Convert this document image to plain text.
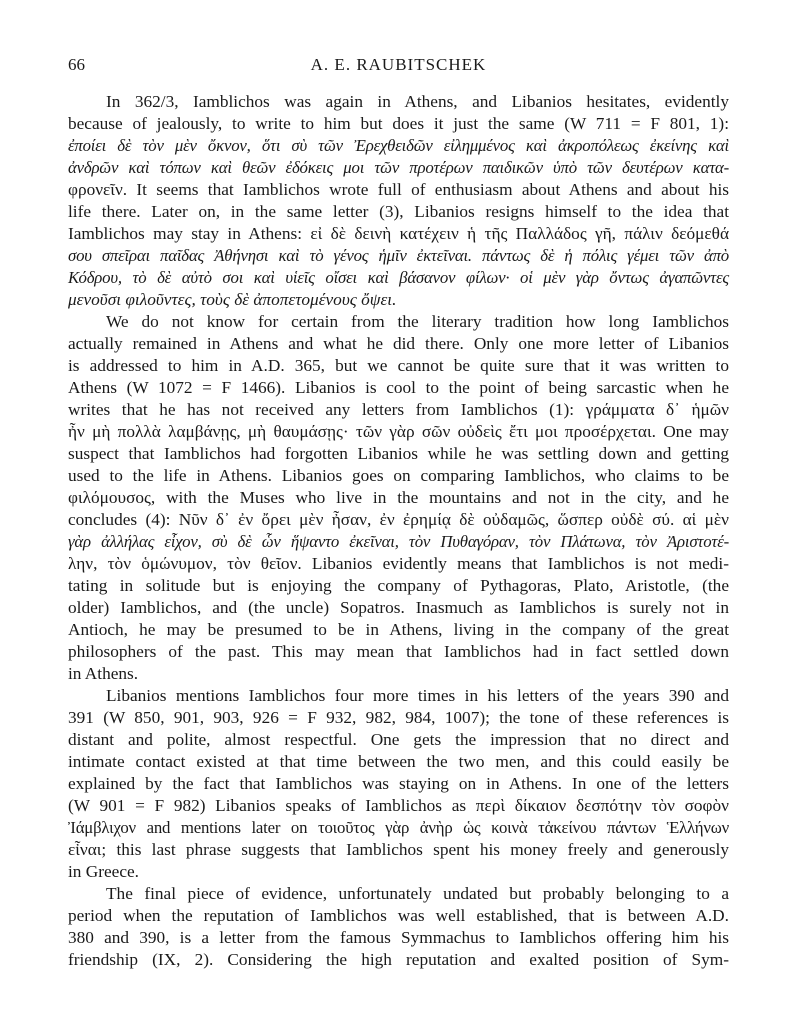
66	A. E. RAUBITSCHEK
In 362/3, Iamblichos was again in Athens, and Libanios hesitates, evidently
because of jealously, to write to him but does it just the same (W 711 = F 801, 1):
ἐποίει δὲ τὸν μὲν ὄκνον, ὅτι σὺ τῶν Ἐρεχθειδῶν εἰλημμένος καὶ ἀκροπόλεως ἐκείνης καὶ
ἀνδρῶν καὶ τόπων καὶ θεῶν ἐδόκεις μοι τῶν προτέρων παιδικῶν ὑπὸ τῶν δευτέρων κατα-
φρονεῖν. It seems that Iamblichos wrote full of enthusiasm about Athens and about his
life there. Later on, in the same letter (3), Libanios resigns himself to the idea that
Iamblichos may stay in Athens: εἰ δὲ δεινὴ κατέχειν ἡ τῆς Παλλάδος γῆ, πάλιν δεόμεθά
σου σπεῖραι παῖδας Ἀθήνησι καὶ τὸ γένος ἡμῖν ἐκτεῖναι. πάντως δὲ ἡ πόλις γέμει τῶν ἀπὸ
Κόδρου, τὸ δὲ αὐτὸ σοι καὶ υἱεῖς οἴσει καὶ βάσανον φίλων· οἱ μὲν γὰρ ὄντως ἀγαπῶντες
μενοῦσι φιλοῦντες, τοὺς δὲ ἀποπετομένους ὄψει.
We do not know for certain from the literary tradition how long Iamblichos
actually remained in Athens and what he did there. Only one more letter of Libanios
is addressed to him in A.D. 365, but we cannot be quite sure that it was written to
Athens (W 1072 = F 1466). Libanios is cool to the point of being sarcastic when he
writes that he has not received any letters from Iamblichos (1): γράμματα δ᾽ ἡμῶν
ἦν μὴ πολλὰ λαμβάνῃς, μὴ θαυμάσῃς· τῶν γὰρ σῶν οὐδεὶς ἔτι μοι προσέρχεται. One may
suspect that Iamblichos had forgotten Libanios while he was settling down and getting
used to the life in Athens. Libanios goes on comparing Iamblichos, who claims to be
φιλόμουσος, with the Muses who live in the mountains and not in the city, and he
concludes (4): Νῦν δ᾽ ἐν ὄρει μὲν ἦσαν, ἐν ἐρημίᾳ δὲ οὐδαμῶς, ὥσπερ οὐδὲ σύ. αἱ μὲν
γὰρ ἀλλήλας εἶχον, σὺ δὲ ὧν ἥψαντο ἐκεῖναι, τὸν Πυθαγόραν, τὸν Πλάτωνα, τὸν Ἀριστοτέ-
λην, τὸν ὁμώνυμον, τὸν θεῖον. Libanios evidently means that Iamblichos is not medi-
tating in solitude but is enjoying the company of Pythagoras, Plato, Aristotle, (the
older) Iamblichos, and (the uncle) Sopatros. Inasmuch as Iamblichos is surely not in
Antioch, he may be presumed to be in Athens, living in the company of the great
philosophers of the past. This may mean that Iamblichos had in fact settled down
in Athens.
Libanios mentions Iamblichos four more times in his letters of the years 390 and
391 (W 850, 901, 903, 926 = F 932, 982, 984, 1007); the tone of these references is
distant and polite, almost respectful. One gets the impression that no direct and
intimate contact existed at that time between the two men, and this could easily be
explained by the fact that Iamblichos was staying on in Athens. In one of the letters
(W 901 = F 982) Libanios speaks of Iamblichos as περὶ δίκαιον δεσπότην τὸν σοφὸν
Ἰάμβλιχον and mentions later on τοιοῦτος γὰρ ἀνὴρ ὡς κοινὰ τἀκείνου πάντων Ἑλλήνων
εἶναι; this last phrase suggests that Iamblichos spent his money freely and generously
in Greece.
The final piece of evidence, unfortunately undated but probably belonging to a
period when the reputation of Iamblichos was well established, that is between A.D.
380 and 390, is a letter from the famous Symmachus to Iamblichos offering him his
friendship (IX, 2). Considering the high reputation and exalted position of Sym-
